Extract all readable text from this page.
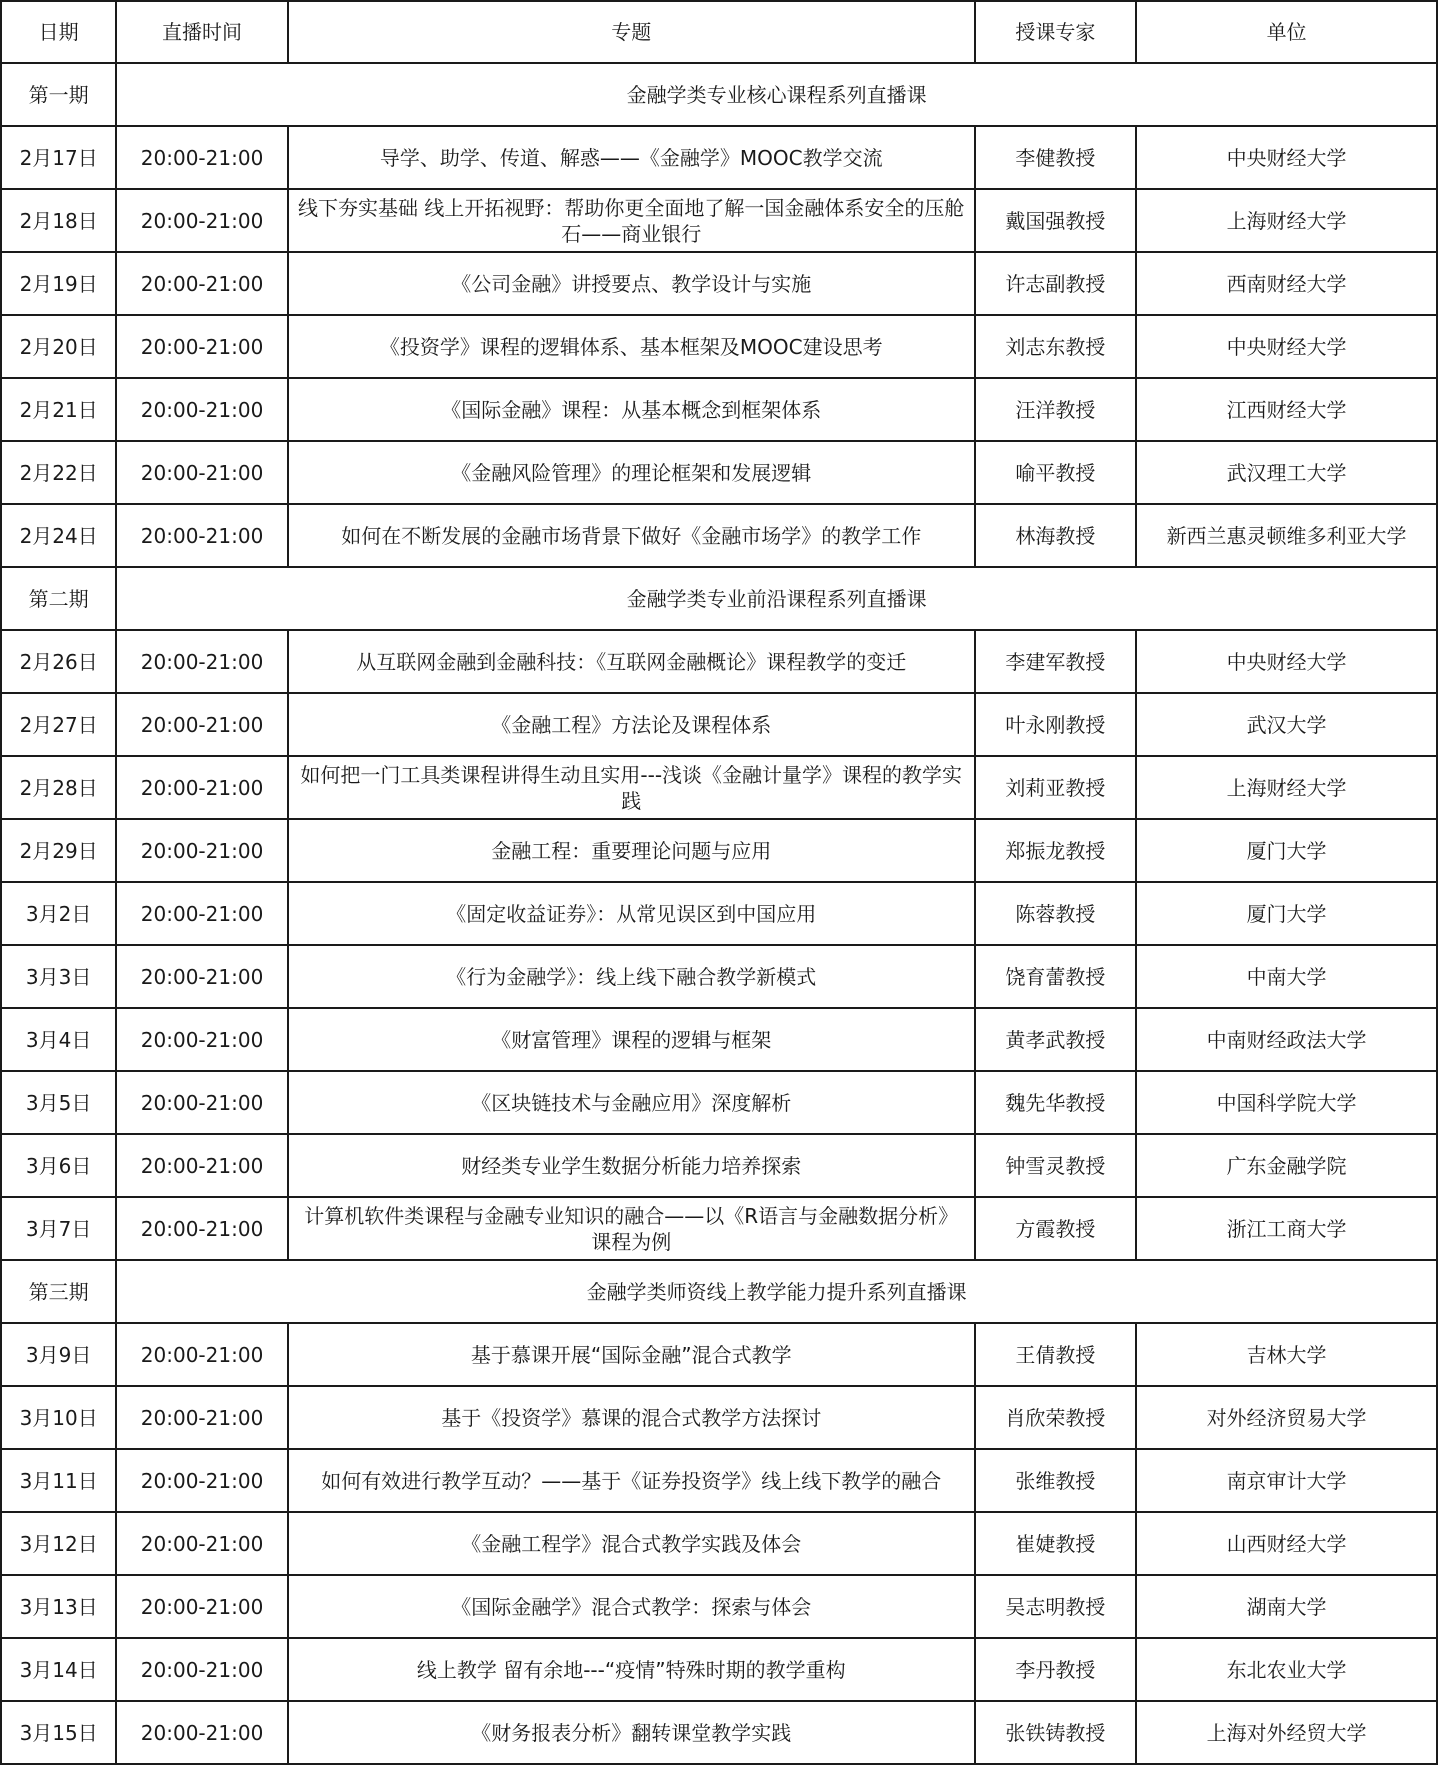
日期	直播时间	专题	授课专家	单位
第一期	金融学类专业核心课程系列直播课			
2月17日	20:00-21:00	导学、助学、传道、解惑——《金融学》MOOC教学交流	李健教授	中央财经大学
2月18日	20:00-21:00	线下夯实基础 线上开拓视野：帮助你更全面地了解一国金融体系安全的压舱石——商业银行	戴国强教授	上海财经大学
2月19日	20:00-21:00	《公司金融》讲授要点、教学设计与实施	许志副教授	西南财经大学
2月20日	20:00-21:00	《投资学》课程的逻辑体系、基本框架及MOOC建设思考	刘志东教授	中央财经大学
2月21日	20:00-21:00	《国际金融》课程：从基本概念到框架体系	汪洋教授	江西财经大学
2月22日	20:00-21:00	《金融风险管理》的理论框架和发展逻辑	喻平教授	武汉理工大学
2月24日	20:00-21:00	如何在不断发展的金融市场背景下做好《金融市场学》的教学工作	林海教授	新西兰惠灵顿维多利亚大学
第二期	金融学类专业前沿课程系列直播课			
2月26日	20:00-21:00	从互联网金融到金融科技：《互联网金融概论》课程教学的变迁	李建军教授	中央财经大学
2月27日	20:00-21:00	《金融工程》方法论及课程体系	叶永刚教授	武汉大学
2月28日	20:00-21:00	如何把一门工具类课程讲得生动且实用---浅谈《金融计量学》课程的教学实践	刘莉亚教授	上海财经大学
2月29日	20:00-21:00	金融工程：重要理论问题与应用	郑振龙教授	厦门大学
3月2日	20:00-21:00	《固定收益证券》：从常见误区到中国应用	陈蓉教授	厦门大学
3月3日	20:00-21:00	《行为金融学》：线上线下融合教学新模式	饶育蕾教授	中南大学
3月4日	20:00-21:00	《财富管理》课程的逻辑与框架	黄孝武教授	中南财经政法大学
3月5日	20:00-21:00	《区块链技术与金融应用》深度解析	魏先华教授	中国科学院大学
3月6日	20:00-21:00	财经类专业学生数据分析能力培养探索	钟雪灵教授	广东金融学院
3月7日	20:00-21:00	计算机软件类课程与金融专业知识的融合——以《R语言与金融数据分析》课程为例	方霞教授	浙江工商大学
第三期	金融学类师资线上教学能力提升系列直播课			
3月9日	20:00-21:00	基于慕课开展“国际金融”混合式教学	王倩教授	吉林大学
3月10日	20:00-21:00	基于《投资学》慕课的混合式教学方法探讨	肖欣荣教授	对外经济贸易大学
3月11日	20:00-21:00	如何有效进行教学互动？——基于《证券投资学》线上线下教学的融合	张维教授	南京审计大学
3月12日	20:00-21:00	《金融工程学》混合式教学实践及体会	崔婕教授	山西财经大学
3月13日	20:00-21:00	《国际金融学》混合式教学：探索与体会	吴志明教授	湖南大学
3月14日	20:00-21:00	线上教学 留有余地---“疫情”特殊时期的教学重构	李丹教授	东北农业大学
3月15日	20:00-21:00	《财务报表分析》翻转课堂教学实践	张铁铸教授	上海对外经贸大学
